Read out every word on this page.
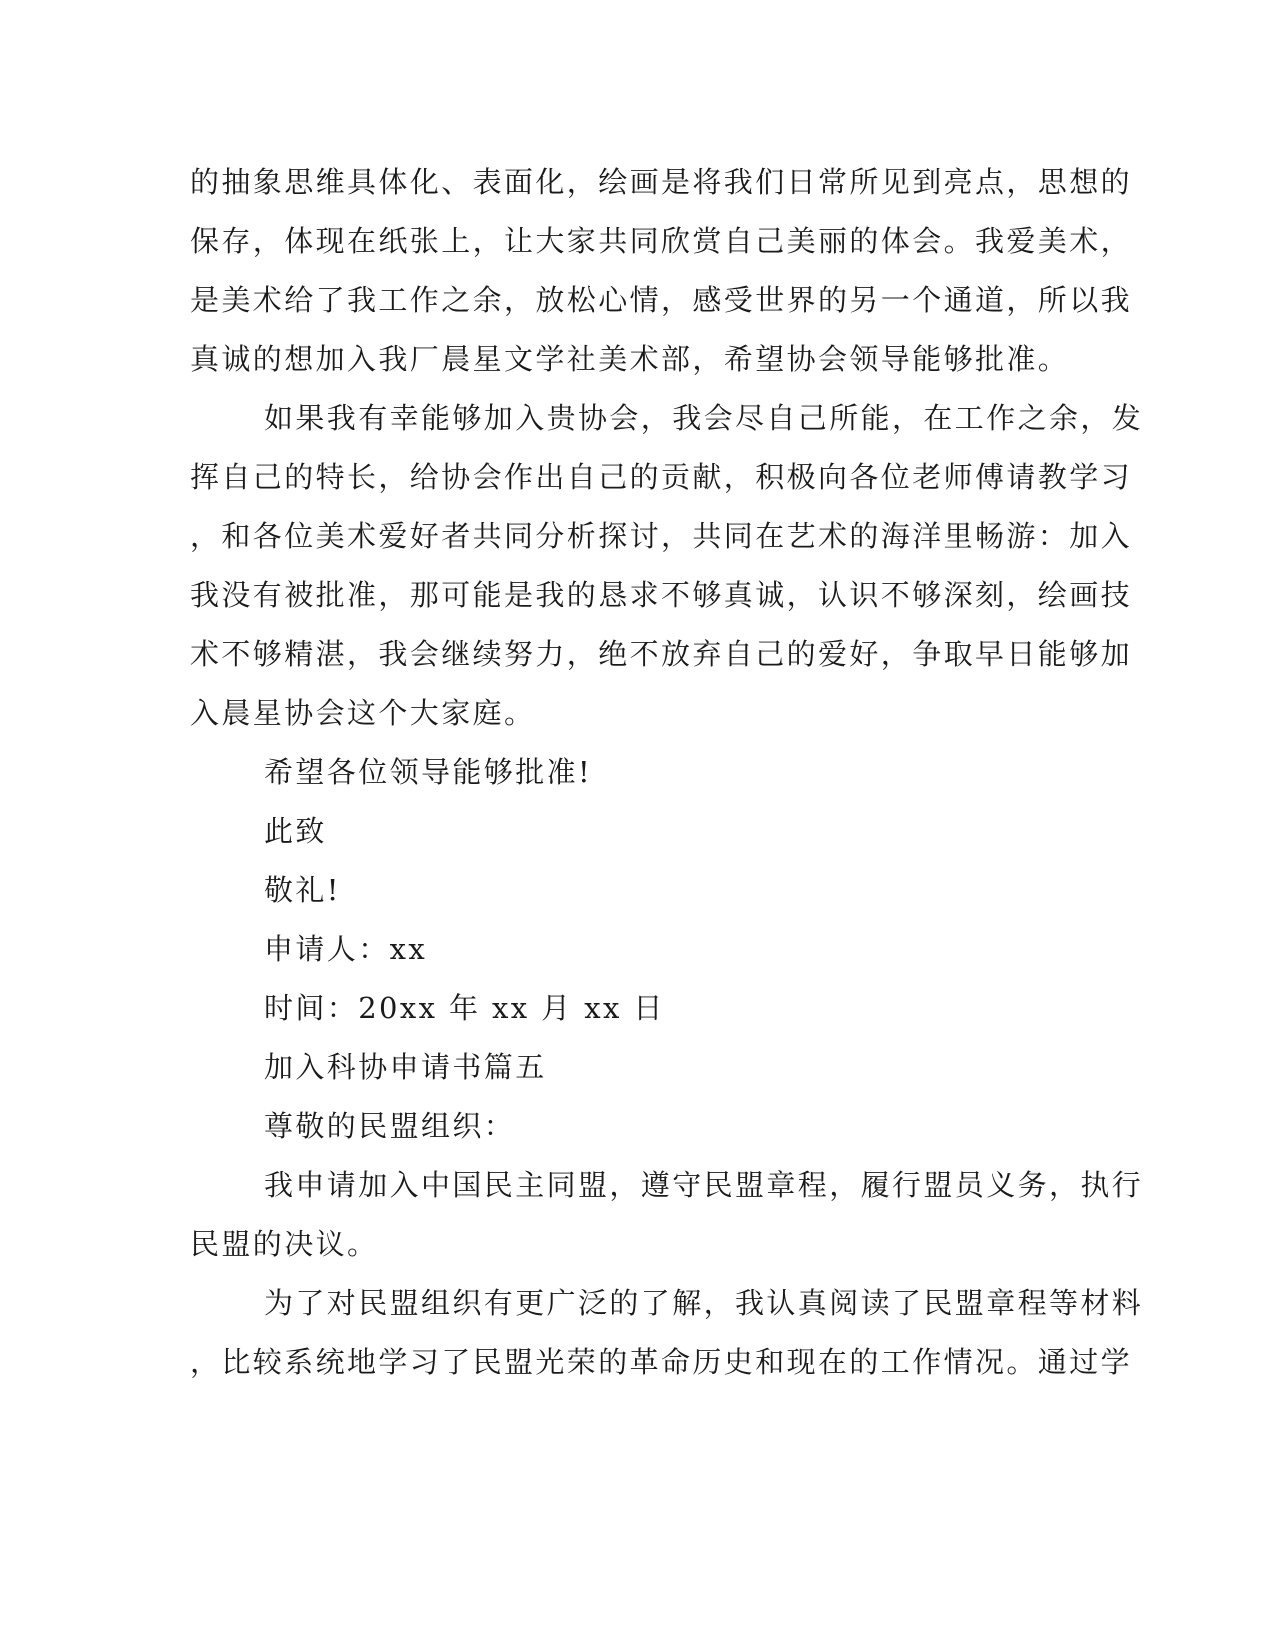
的抽象思维具体化、表面化，绘画是将我们日常所见到亮点，思想的
保存，体现在纸张上，让大家共同欣赏自己美丽的体会。我爱美术，
是美术给了我工作之余，放松心情，感受世界的另一个通道，所以我
真诚的想加入我厂晨星文学社美术部，希望协会领导能够批准。
如果我有幸能够加入贵协会，我会尽自己所能，在工作之余，发
挥自己的特长，给协会作出自己的贡献，积极向各位老师傅请教学习
，和各位美术爱好者共同分析探讨，共同在艺术的海洋里畅游：加入
我没有被批准，那可能是我的恳求不够真诚，认识不够深刻，绘画技
术不够精湛，我会继续努力，绝不放弃自己的爱好，争取早日能够加
入晨星协会这个大家庭。
希望各位领导能够批准!
此致
敬礼!
申请人：xx
时间：20xx 年 xx 月 xx 日
加入科协申请书篇五
尊敬的民盟组织：
我申请加入中国民主同盟，遵守民盟章程，履行盟员义务，执行
民盟的决议。
为了对民盟组织有更广泛的了解，我认真阅读了民盟章程等材料
，比较系统地学习了民盟光荣的革命历史和现在的工作情况。通过学
